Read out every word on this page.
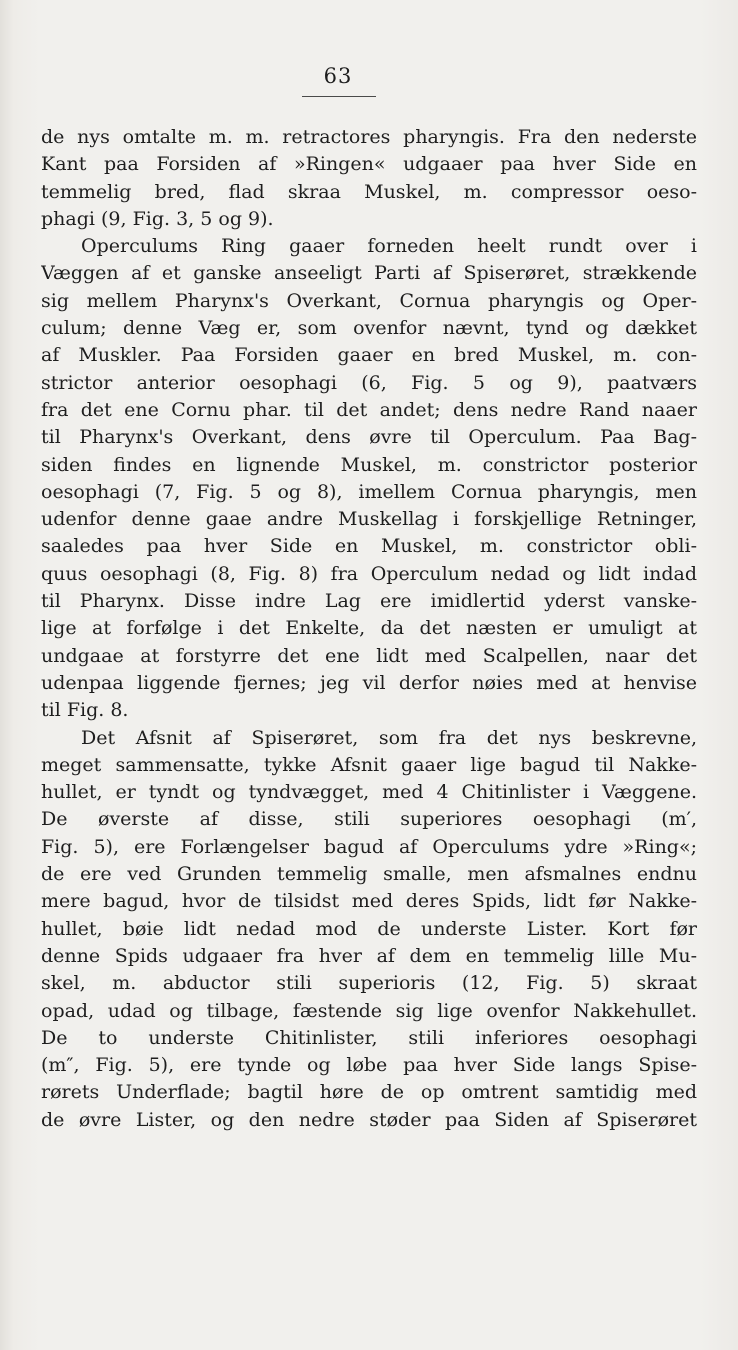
63
de nys omtalte m. m. retractores pharyngis. Fra den nederste
Kant paa Forsiden af »Ringen« udgaaer paa hver Side en
temmelig bred, flad skraa Muskel, m. compressor oeso-
phagi (9, Fig. 3, 5 og 9).
Operculums Ring gaaer forneden heelt rundt over i
Væggen af et ganske anseeligt Parti af Spiserøret, strækkende
sig mellem Pharynx's Overkant, Cornua pharyngis og Oper-
culum; denne Væg er, som ovenfor nævnt, tynd og dækket
af Muskler. Paa Forsiden gaaer en bred Muskel, m. con-
strictor anterior oesophagi (6, Fig. 5 og 9), paatværs
fra det ene Cornu phar. til det andet; dens nedre Rand naaer
til Pharynx's Overkant, dens øvre til Operculum. Paa Bag-
siden findes en lignende Muskel, m. constrictor posterior
oesophagi (7, Fig. 5 og 8), imellem Cornua pharyngis, men
udenfor denne gaae andre Muskellag i forskjellige Retninger,
saaledes paa hver Side en Muskel, m. constrictor obli-
quus oesophagi (8, Fig. 8) fra Operculum nedad og lidt indad
til Pharynx. Disse indre Lag ere imidlertid yderst vanske-
lige at forfølge i det Enkelte, da det næsten er umuligt at
undgaae at forstyrre det ene lidt med Scalpellen, naar det
udenpaa liggende fjernes; jeg vil derfor nøies med at henvise
til Fig. 8.
Det Afsnit af Spiserøret, som fra det nys beskrevne,
meget sammensatte, tykke Afsnit gaaer lige bagud til Nakke-
hullet, er tyndt og tyndvægget, med 4 Chitinlister i Væggene.
De øverste af disse, stili superiores oesophagi (m′,
Fig. 5), ere Forlængelser bagud af Operculums ydre »Ring«;
de ere ved Grunden temmelig smalle, men afsmalnes endnu
mere bagud, hvor de tilsidst med deres Spids, lidt før Nakke-
hullet, bøie lidt nedad mod de underste Lister. Kort før
denne Spids udgaaer fra hver af dem en temmelig lille Mu-
skel, m. abductor stili superioris (12, Fig. 5) skraat
opad, udad og tilbage, fæstende sig lige ovenfor Nakkehullet.
De to underste Chitinlister, stili inferiores oesophagi
(m″, Fig. 5), ere tynde og løbe paa hver Side langs Spise-
rørets Underflade; bagtil høre de op omtrent samtidig med
de øvre Lister, og den nedre støder paa Siden af Spiserøret
